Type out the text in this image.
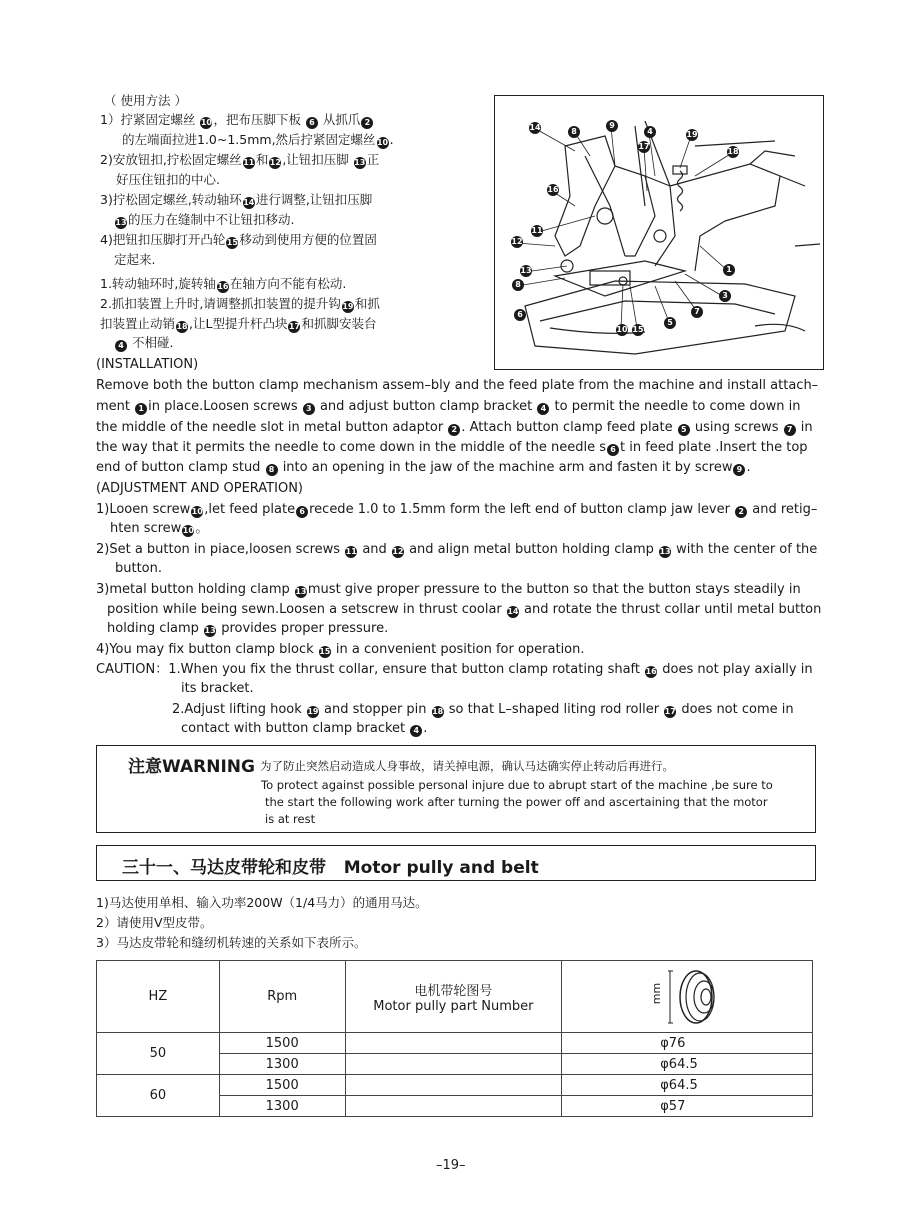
（ 使用方法 ）
1）拧紧固定螺丝 10，把布压脚下板 6 从抓爪 2
的左端面拉进1.0~1.5mm,然后拧紧固定螺丝10.
2)安放钮扣,拧松固定螺丝11和12,让钮扣压脚 13正
好压住钮扣的中心.
3)拧松固定螺丝,转动轴环14进行调整,让钮扣压脚
13的压力在缝制中不让钮扣移动.
4)把钮扣压脚打开凸轮15移动到使用方便的位置固
定起来.
1.转动轴环时,旋转轴16在轴方向不能有松动.
2.抓扣装置上升时,请调整抓扣装置的提升钩19和抓
扣装置止动销18,让L型提升杆凸块17和抓脚安装台
4 不相碰.
14	8
9
4	19
17
18
16
11
12
13
8
6
1
3
10 15
5
7
(INSTALLATION)
Remove both the button clamp mechanism assem–bly and the feed plate from the machine and install attach–
ment 1 in place.Loosen screws 3 and adjust button clamp bracket 4 to permit the needle to come down in
the middle of the needle slot in metal button adaptor 2 . Attach button clamp feed plate 5 using screws 7 in
the way that it permits the needle to come down in the middle of the needle s 6 t in feed plate .Insert the top
end of button clamp stud 8 into an opening in the jaw of the machine arm and fasten it by screw 9 .
(ADJUSTMENT AND OPERATION)
1)Looen screw10,let feed plate 6 recede 1.0 to 1.5mm form the left end of button clamp jaw lever 2 and retig–
hten screw10。
2)Set a button in piace,loosen screws 11 and 12 and align metal button holding clamp 13 with the center of the
button.
3)metal button holding clamp 13must give proper pressure to the button so that the button stays steadily in
position while being sewn.Loosen a setscrew in thrust coolar 14 and rotate the thrust collar until metal button
holding clamp 13 provides proper pressure.
4)You may fix button clamp block 15 in a convenient position for operation.
CAUTION：1.When you fix the thrust collar, ensure that button clamp rotating shaft 16 does not play axially in
its bracket.
2.Adjust lifting hook 19 and stopper pin 18 so that L–shaped liting rod roller 17 does not come in
contact with button clamp bracket 4 .
注意WARNING 为了防止突然启动造成人身事故，请关掉电源，确认马达确实停止转动后再进行。
To protect against possible personal injure due to abrupt start of the machine ,be sure to
the start the following work after turning the power off and ascertaining that the motor
is at rest
三十一、马达皮带轮和皮带   Motor pully and belt
1)马达使用单相、输入功率200W（1/4马力）的通用马达。
2）请使用V型皮带。
3）马达皮带轮和缝纫机转速的关系如下表所示。
HZ	Rpm	电机带轮图号
Motor pully part Number	mm

50	1500		φ76
	1300		φ64.5
60	1500		φ64.5
	1300		φ57
–19–
